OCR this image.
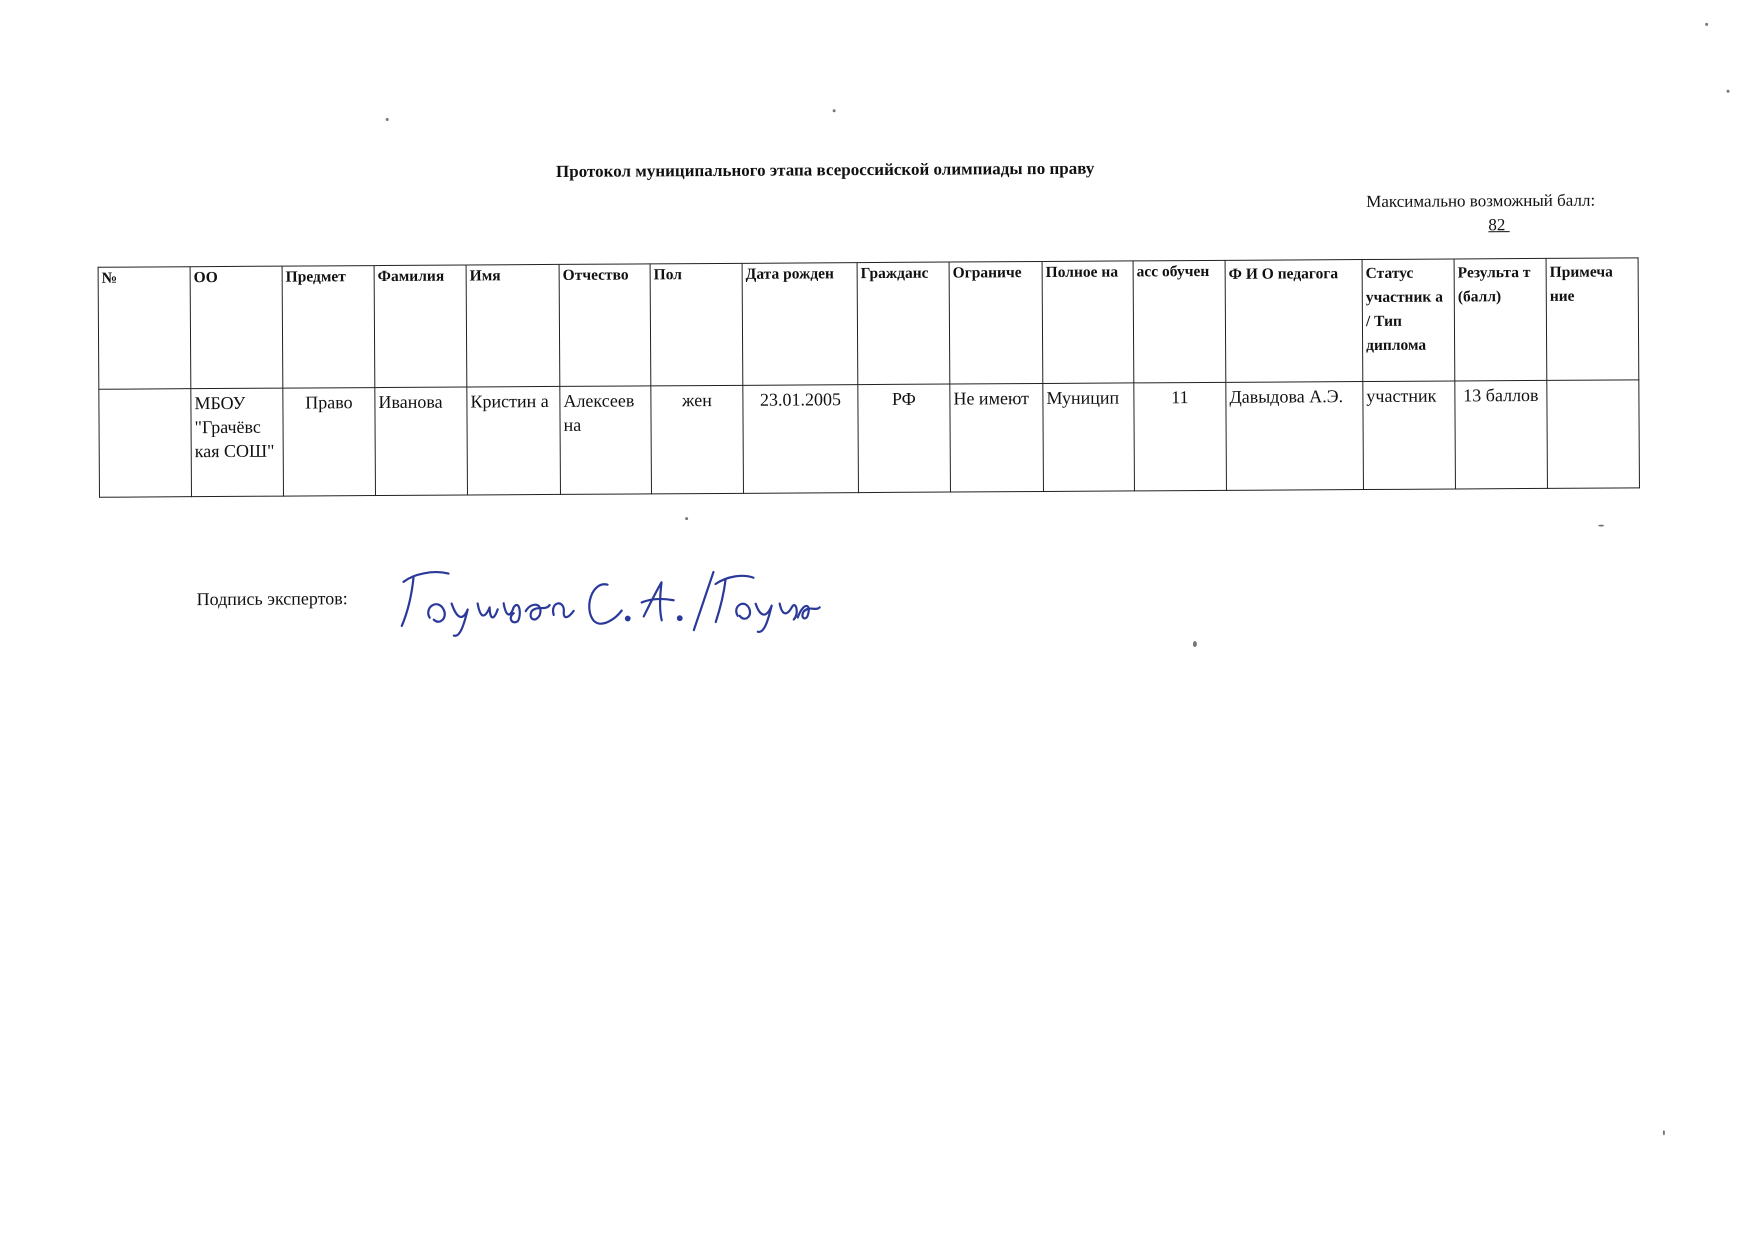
Протокол муниципального этапа всероссийской олимпиады по праву
Максимально возможный балл:
82
№	ОО	Предмет	Фамилия	Имя	Отчество	Пол	Дата рожден	Гражданс	Ограниче	Полное на	асс обучен	Ф И О педагога	Статус участник а / Тип диплома	Результа т (балл)	Примеча ние
	МБОУ "Грачёвс кая СОШ"	Право	Иванова	Кристин а	Алексеев на	жен	23.01.2005	РФ	Не имеют	Муницип	11	Давыдова А.Э.	участник	13 баллов	
Подпись экспертов:
